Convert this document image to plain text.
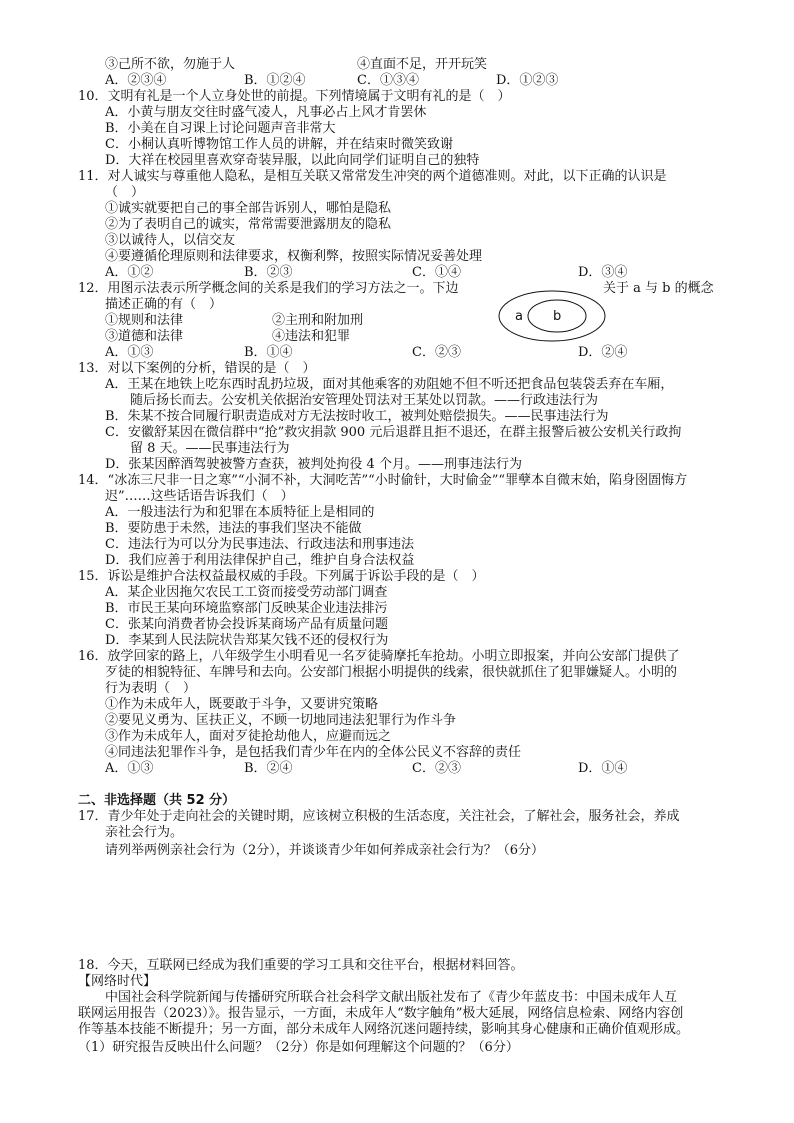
③己所不欲，勿施于人	④直面不足，开开玩笑
A．②③④	B．①②④	C．①③④	D．①②③
10．文明有礼是一个人立身处世的前提。下列情境属于文明有礼的是（　）
A．小黄与朋友交往时盛气凌人，凡事必占上风才肯罢休
B．小美在自习课上讨论问题声音非常大
C．小桐认真听博物馆工作人员的讲解，并在结束时微笑致谢
D．大祥在校园里喜欢穿奇装异服，以此向同学们证明自己的独特
11．对人诚实与尊重他人隐私，是相互关联又常常发生冲突的两个道德准则。对此，以下正确的认识是
（　）
①诚实就要把自己的事全部告诉别人，哪怕是隐私
②为了表明自己的诚实，常常需要泄露朋友的隐私
③以诚待人，以信交友
④要遵循伦理原则和法律要求，权衡利弊，按照实际情况妥善处理
A．①②	B．②③	C．①④	D．③④
12．用图示法表示所学概念间的关系是我们的学习方法之一。下边	关于 a 与 b 的概念
描述正确的有（　）
①规则和法律	②主刑和附加刑
③道德和法律	④违法和犯罪
a b
A．①③	B．①④	C．②③	D．②④
13．对以下案例的分析，错误的是（　）
A．王某在地铁上吃东西时乱扔垃圾，面对其他乘客的劝阻她不但不听还把食品包装袋丢弃在车厢，
随后扬长而去。公安机关依据治安管理处罚法对王某处以罚款。——行政违法行为
B．朱某不按合同履行职责造成对方无法按时收工，被判处赔偿损失。——民事违法行为
C．安徽舒某因在微信群中“抢”救灾捐款 900 元后退群且拒不退还，在群主报警后被公安机关行政拘
留 8 天。——民事违法行为
D．张某因醉酒驾驶被警方查获，被判处拘役 4 个月。——刑事违法行为
14．“冰冻三尺非一日之寒”“小洞不补，大洞吃苦”“小时偷针，大时偷金”“罪孽本自微末始，陷身囹圄悔方
迟”……这些话语告诉我们（　）
A．一般违法行为和犯罪在本质特征上是相同的
B．要防患于未然，违法的事我们坚决不能做
C．违法行为可以分为民事违法、行政违法和刑事违法
D．我们应善于利用法律保护自己，维护自身合法权益
15．诉讼是维护合法权益最权威的手段。下列属于诉讼手段的是（　）
A．某企业因拖欠农民工工资而接受劳动部门调查
B．市民王某向环境监察部门反映某企业违法排污
C．张某向消费者协会投诉某商场产品有质量问题
D．李某到人民法院状告郑某欠钱不还的侵权行为
16．放学回家的路上，八年级学生小明看见一名歹徒骑摩托车抢劫。小明立即报案，并向公安部门提供了
歹徒的相貌特征、车牌号和去向。公安部门根据小明提供的线索，很快就抓住了犯罪嫌疑人。小明的
行为表明（　）
①作为未成年人，既要敢于斗争，又要讲究策略
②要见义勇为、匡扶正义，不顾一切地同违法犯罪行为作斗争
③作为未成年人，面对歹徒抢劫他人，应避而远之
④同违法犯罪作斗争，是包括我们青少年在内的全体公民义不容辞的责任
A．①③	B．②④	C．②③	D．①④
二、非选择题（共 52 分）
17．青少年处于走向社会的关键时期，应该树立积极的生活态度，关注社会，了解社会，服务社会，养成
亲社会行为。
请列举两例亲社会行为（2分），并谈谈青少年如何养成亲社会行为？（6分）
18．今天，互联网已经成为我们重要的学习工具和交往平台，根据材料回答。
【网络时代】
中国社会科学院新闻与传播研究所联合社会科学文献出版社发布了《青少年蓝皮书：中国未成年人互
联网运用报告（2023）》。报告显示，一方面，未成年人“数字触角”极大延展，网络信息检索、网络内容创
作等基本技能不断提升；另一方面，部分未成年人网络沉迷问题持续，影响其身心健康和正确价值观形成。
（1）研究报告反映出什么问题？（2分）你是如何理解这个问题的？（6分）
